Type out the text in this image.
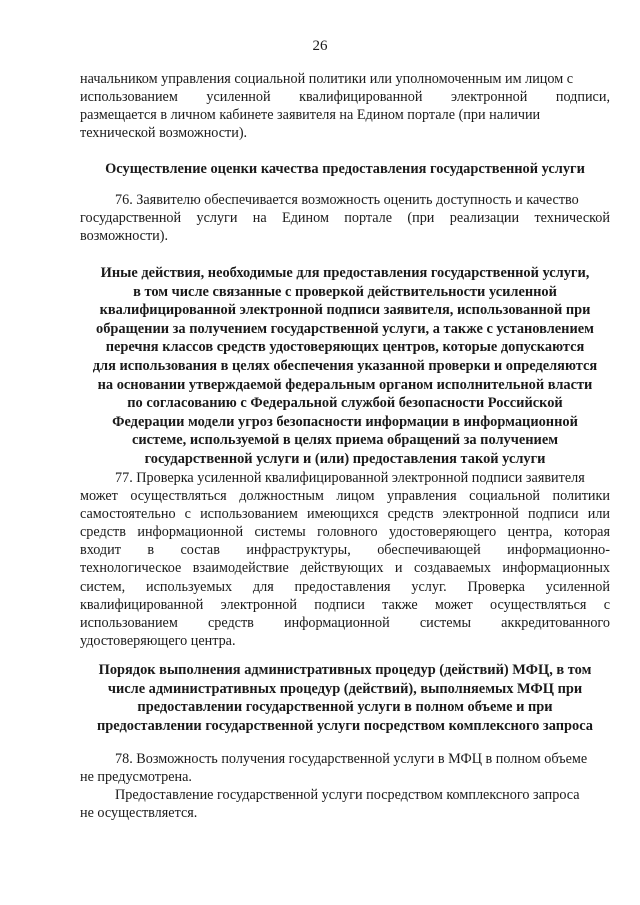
26
начальником управления социальной политики или уполномоченным им лицом с
использованием усиленной квалифицированной электронной подписи,
размещается в личном кабинете заявителя на Едином портале (при наличии
технической возможности).
Осуществление оценки качества предоставления государственной услуги
76. Заявителю обеспечивается возможность оценить доступность и качество
государственной услуги на Едином портале (при реализации технической
возможности).
Иные действия, необходимые для предоставления государственной услуги,
в том числе связанные с проверкой действительности усиленной
квалифицированной электронной подписи заявителя, использованной при
обращении за получением государственной услуги, а также с установлением
перечня классов средств удостоверяющих центров, которые допускаются
для использования в целях обеспечения указанной проверки и определяются
на основании утверждаемой федеральным органом исполнительной власти
по согласованию с Федеральной службой безопасности Российской
Федерации модели угроз безопасности информации в информационной
системе, используемой в целях приема обращений за получением
государственной услуги и (или) предоставления такой услуги
77. Проверка усиленной квалифицированной электронной подписи заявителя
может осуществляться должностным лицом управления социальной политики
самостоятельно с использованием имеющихся средств электронной подписи или
средств информационной системы головного удостоверяющего центра, которая
входит в состав инфраструктуры, обеспечивающей информационно-
технологическое взаимодействие действующих и создаваемых информационных
систем, используемых для предоставления услуг. Проверка усиленной
квалифицированной электронной подписи также может осуществляться с
использованием средств информационной системы аккредитованного
удостоверяющего центра.
Порядок выполнения административных процедур (действий) МФЦ, в том
числе административных процедур (действий), выполняемых МФЦ при
предоставлении государственной услуги в полном объеме и при
предоставлении государственной услуги посредством комплексного запроса
78. Возможность получения государственной услуги в МФЦ в полном объеме
не предусмотрена.
Предоставление государственной услуги посредством комплексного запроса
не осуществляется.
